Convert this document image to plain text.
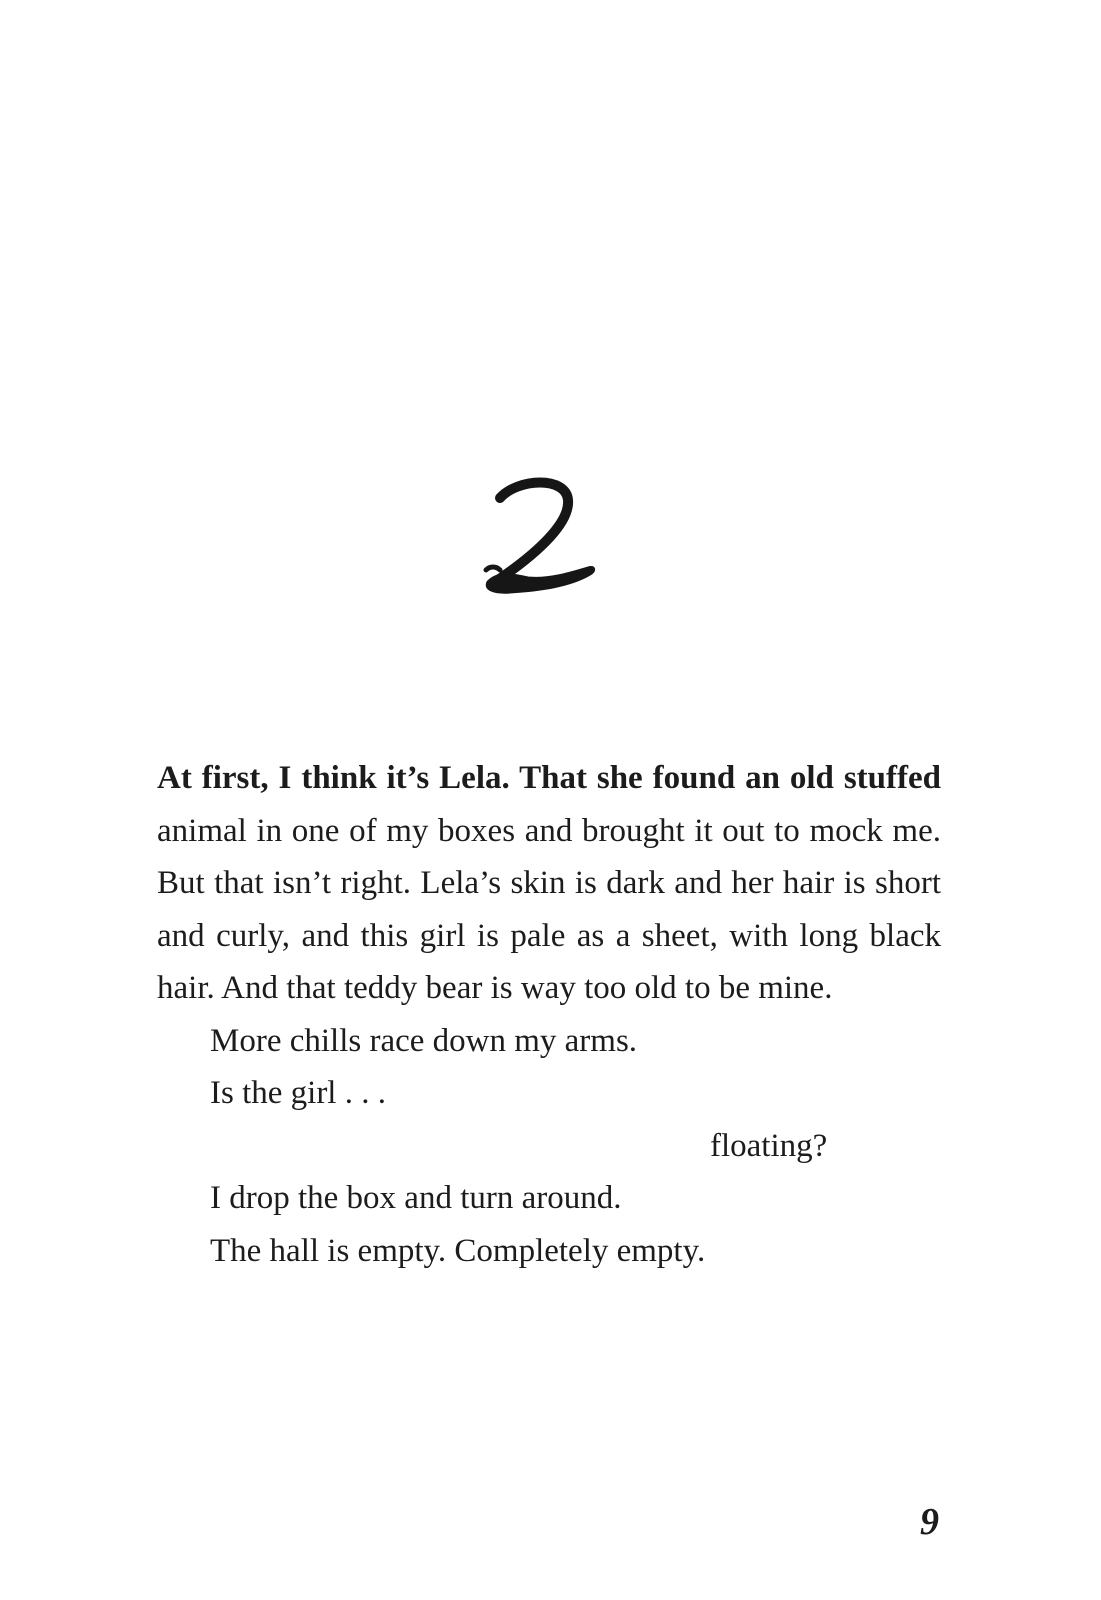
At first, I think it’s Lela. That she found an old stuffed animal in one of my boxes and brought it out to mock me. But that isn’t right. Lela’s skin is dark and her hair is short and curly, and this girl is pale as a sheet, with long black hair. And that teddy bear is way too old to be mine.

More chills race down my arms.

Is the girl . . .

floating?

I drop the box and turn around.

The hall is empty. Completely empty.

9
